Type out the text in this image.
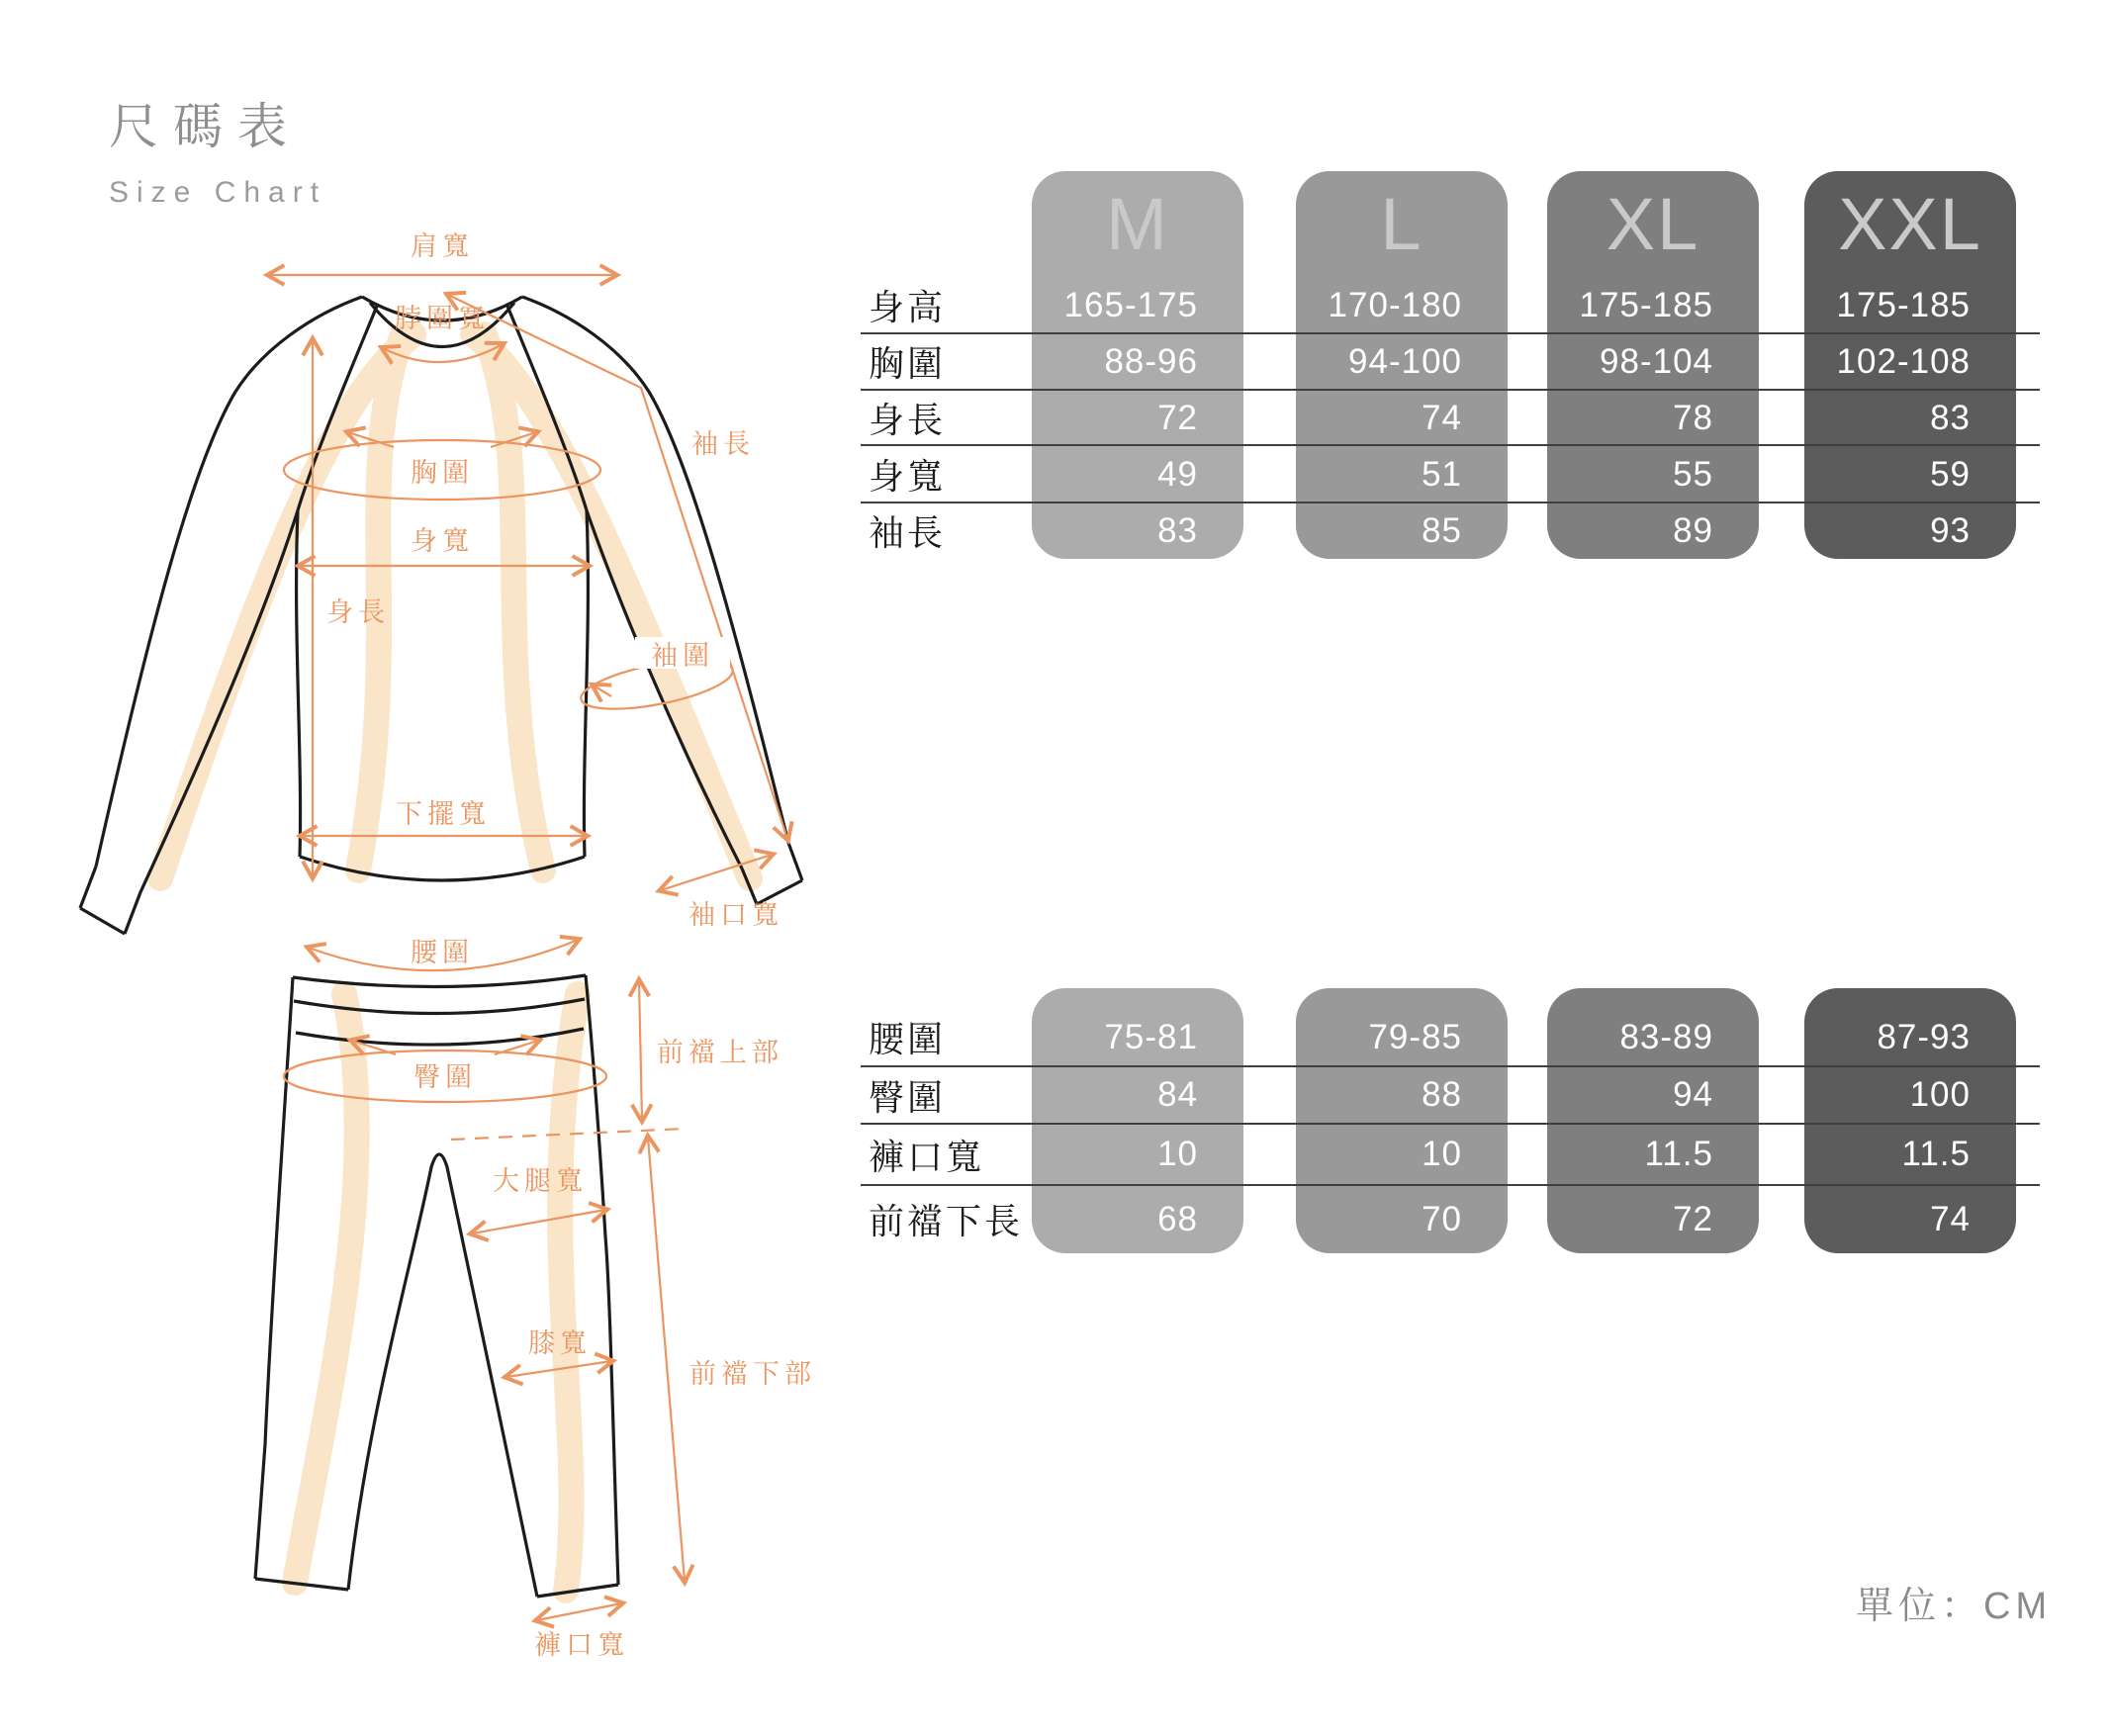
尺碼表
Size Chart
肩寬
脖圍寬
袖長
胸圍
身寬
身長
袖圍
下擺寬
袖口寬
腰圍
臀圍
前襠上部
大腿寬
膝寬
前襠下部
褲口寬
M
165-175
88-96
72
49
83
L
170-180
94-100
74
51
85
XL
175-185
98-104
78
55
89
XXL
175-185
102-108
83
59
93
身高
胸圍
身長
身寬
袖長
75-81
84
10
68
79-85
88
10
70
83-89
94
11.5
72
87-93
100
11.5
74
腰圍
臀圍
褲口寬
前襠下長
單位：CM
